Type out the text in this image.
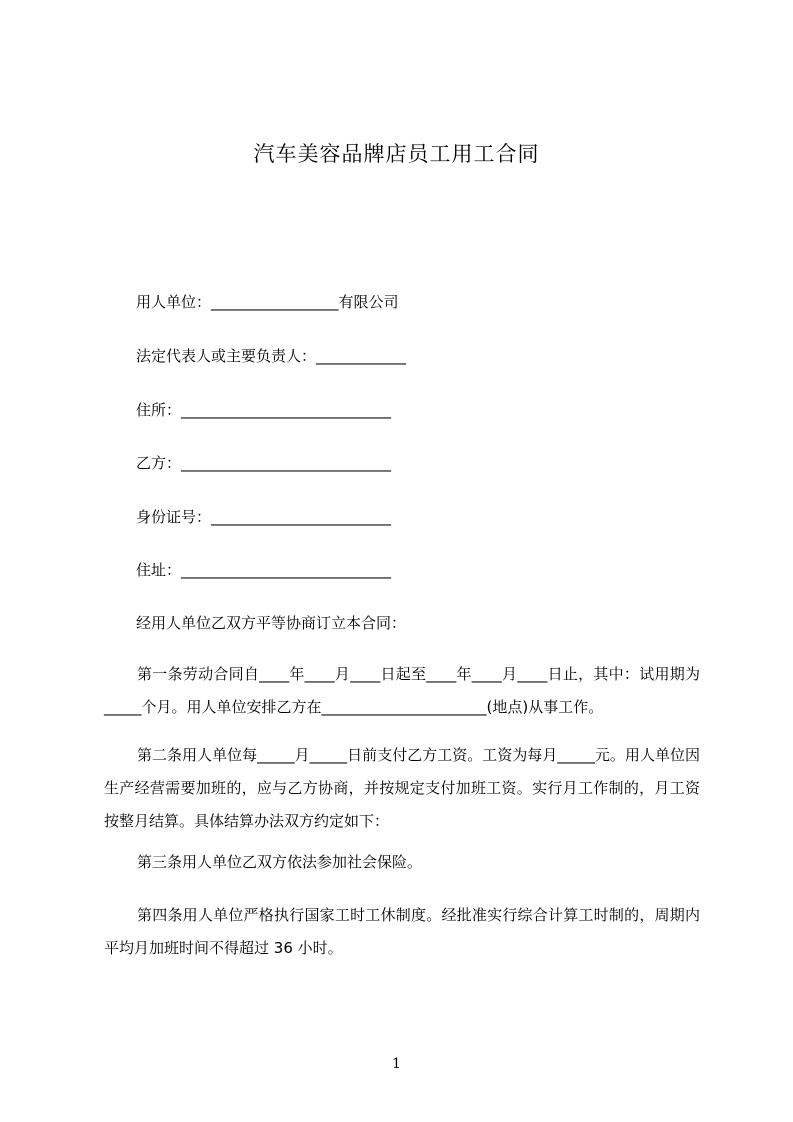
汽车美容品牌店员工用工合同

用人单位：_________________有限公司

法定代表人或主要负责人：____________

住所：____________________________

乙方：____________________________

身份证号：________________________

住址：____________________________

经用人单位乙双方平等协商订立本合同：

第一条劳动合同自____年____月____日起至____年____月____日止，其中：试用期为_____个月。用人单位安排乙方在______________________(地点)从事工作。

第二条用人单位每_____月_____日前支付乙方工资。工资为每月_____元。用人单位因生产经营需要加班的，应与乙方协商，并按规定支付加班工资。实行月工作制的，月工资按整月结算。具体结算办法双方约定如下：

第三条用人单位乙双方依法参加社会保险。

第四条用人单位严格执行国家工时工休制度。经批准实行综合计算工时制的，周期内平均月加班时间不得超过 36 小时。

1
